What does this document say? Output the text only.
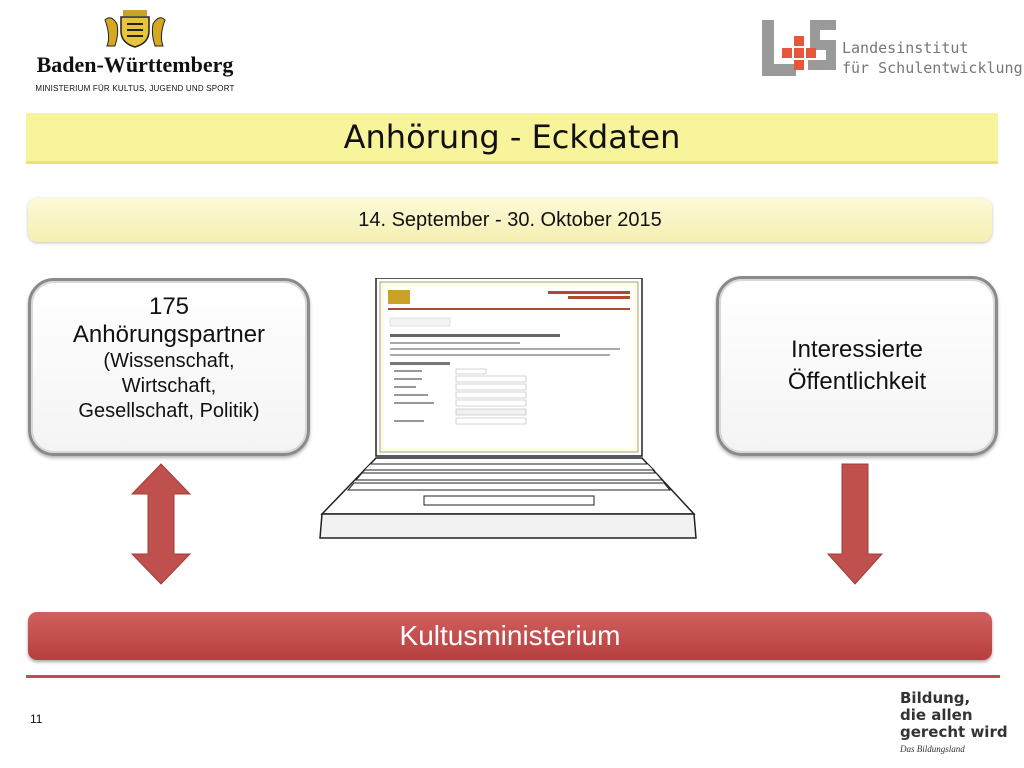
Baden-Württemberg
MINISTERIUM FÜR KULTUS, JUGEND UND SPORT
Landesinstitut
für Schulentwicklung
Anhörung - Eckdaten
14. September - 30. Oktober 2015
175
Anhörungspartner
(Wissenschaft,
Wirtschaft,
Gesellschaft, Politik)
Interessierte Öffentlichkeit
Kultusministerium
11
Bildung,
die allen
gerecht wird
Das Bildungsland
